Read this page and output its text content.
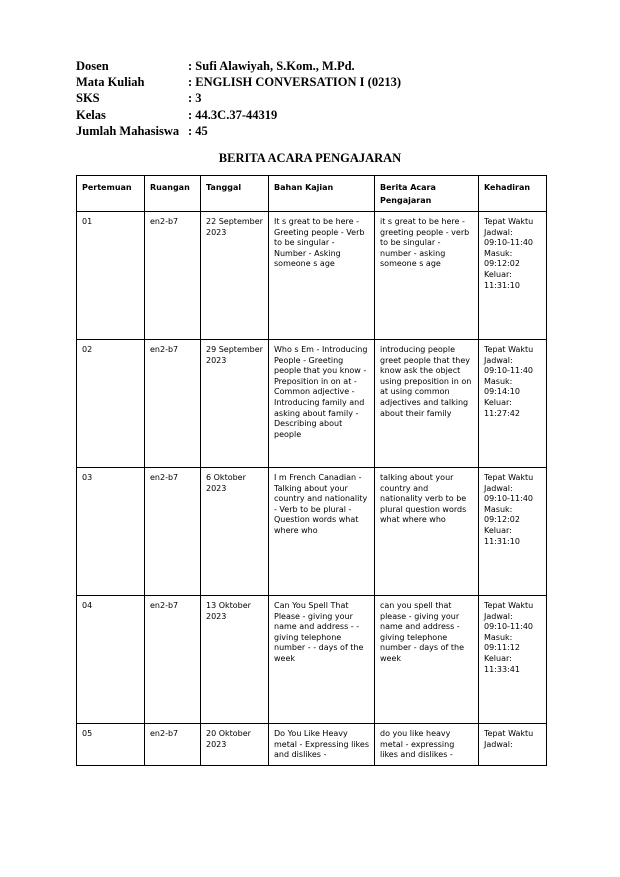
Dosen	: Sufi Alawiyah, S.Kom., M.Pd.
Mata Kuliah	: ENGLISH CONVERSATION I (0213)
SKS	: 3
Kelas	: 44.3C.37-44319
Jumlah Mahasiswa : 45
BERITA ACARA PENGAJARAN
Pertemuan	Ruangan	Tanggal	Bahan Kajian	Berita Acara Pengajaran	Kehadiran
01	en2-b7	22 September 2023	It s great to be here - Greeting people - Verb to be singular - Number - Asking someone s age	it s great to be here - greeting people - verb to be singular - number - asking someone s age	Tepat Waktu Jadwal: 09:10-11:40 Masuk: 09:12:02 Keluar: 11:31:10
02	en2-b7	29 September 2023	Who s Em - Introducing People - Greeting people that you know - Preposition in on at - Common adjective - Introducing family and asking about family - Describing about people	introducing people greet people that they know ask the object using preposition in on at using common adjectives and talking about their family	Tepat Waktu Jadwal: 09:10-11:40 Masuk: 09:14:10 Keluar: 11:27:42
03	en2-b7	6 Oktober 2023	I m French Canadian - Talking about your country and nationality - Verb to be plural - Question words what where who	talking about your country and nationality verb to be plural question words what where who	Tepat Waktu Jadwal: 09:10-11:40 Masuk: 09:12:02 Keluar: 11:31:10
04	en2-b7	13 Oktober 2023	Can You Spell That Please - giving your name and address - - giving telephone number - - days of the week	can you spell that please - giving your name and address - giving telephone number - days of the week	Tepat Waktu Jadwal: 09:10-11:40 Masuk: 09:11:12 Keluar: 11:33:41
05	en2-b7	20 Oktober 2023	Do You Like Heavy metal - Expressing likes and dislikes -	do you like heavy metal - expressing likes and dislikes -	Tepat Waktu Jadwal:
